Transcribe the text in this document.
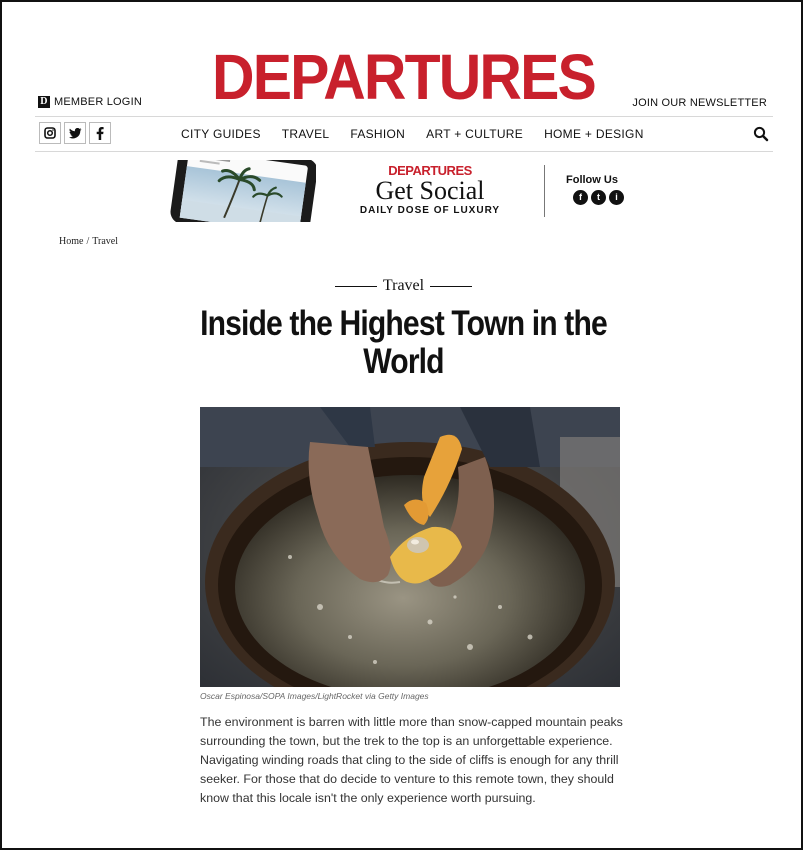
DEPARTURES
D MEMBER LOGIN	JOIN OUR NEWSLETTER
CITY GUIDES TRAVEL FASHION ART + CULTURE HOME + DESIGN
DEPARTURES
Get Social
DAILY DOSE OF LUXURY
Follow Us
f	t	i
Home / Travel
Travel
Inside the Highest Town in the World
Oscar Espinosa/SOPA Images/LightRocket via Getty Images

The environment is barren with little more than snow-capped mountain peaks surrounding the town, but the trek to the top is an unforgettable experience. Navigating winding roads that cling to the side of cliffs is enough for any thrill seeker. For those that do decide to venture to this remote town, they should know that this locale isn't the only experience worth pursuing.
